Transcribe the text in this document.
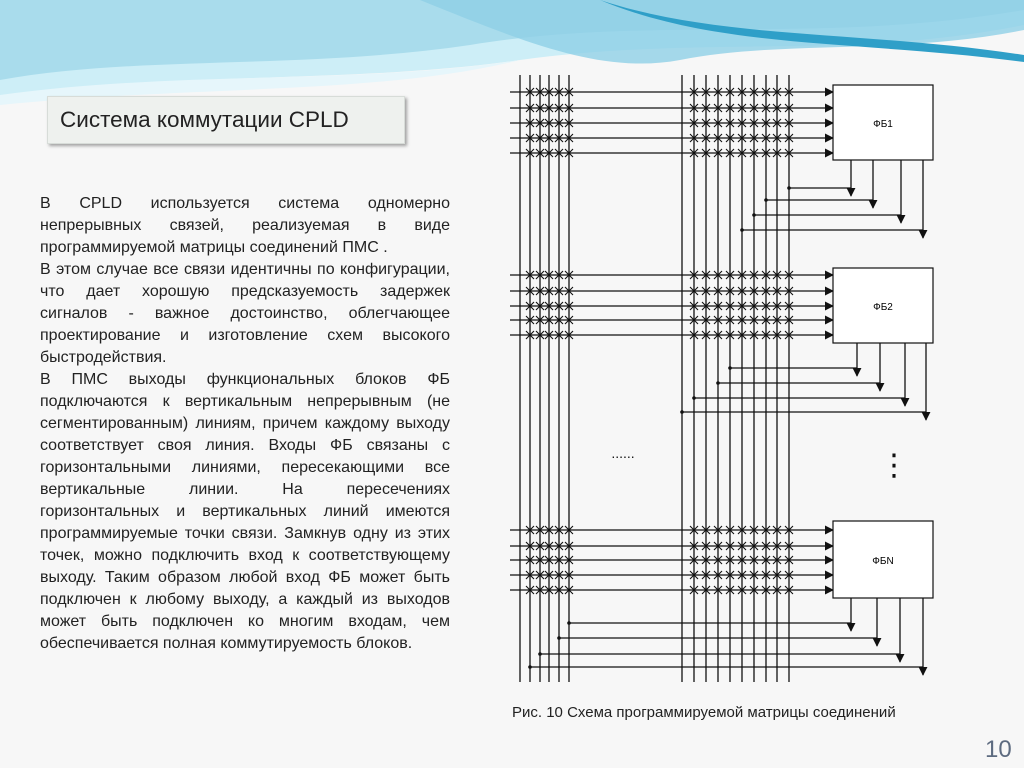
Система коммутации CPLD

В CPLD используется система одномерно непрерывных связей, реализуемая в виде программируемой матрицы соединений ПМС .

В этом случае все связи идентичны по конфигурации, что дает хорошую предсказуемость задержек сигналов - важное достоинство, облегчающее проектирование и изготовление схем высокого быстродействия.

В ПМС выходы функциональных блоков ФБ подключаются к вертикальным непрерывным (не сегментированным) линиям, причем каждому выходу соответствует своя линия. Входы ФБ связаны с горизонтальными линиями, пересекающими все вертикальные линии. На пересечениях горизонтальных и вертикальных линий имеются программируемые точки связи. Замкнув одну из этих точек, можно подключить вход к соответствующему выходу. Таким образом любой вход ФБ может быть подключен к любому выходу, а каждый из выходов может быть подключен ко многим входам, чем обеспечивается полная коммутируемость блоков.

ФБ1
ФБ2
ФБN
......	⋮
Рис. 10 Схема программируемой матрицы соединений
10
